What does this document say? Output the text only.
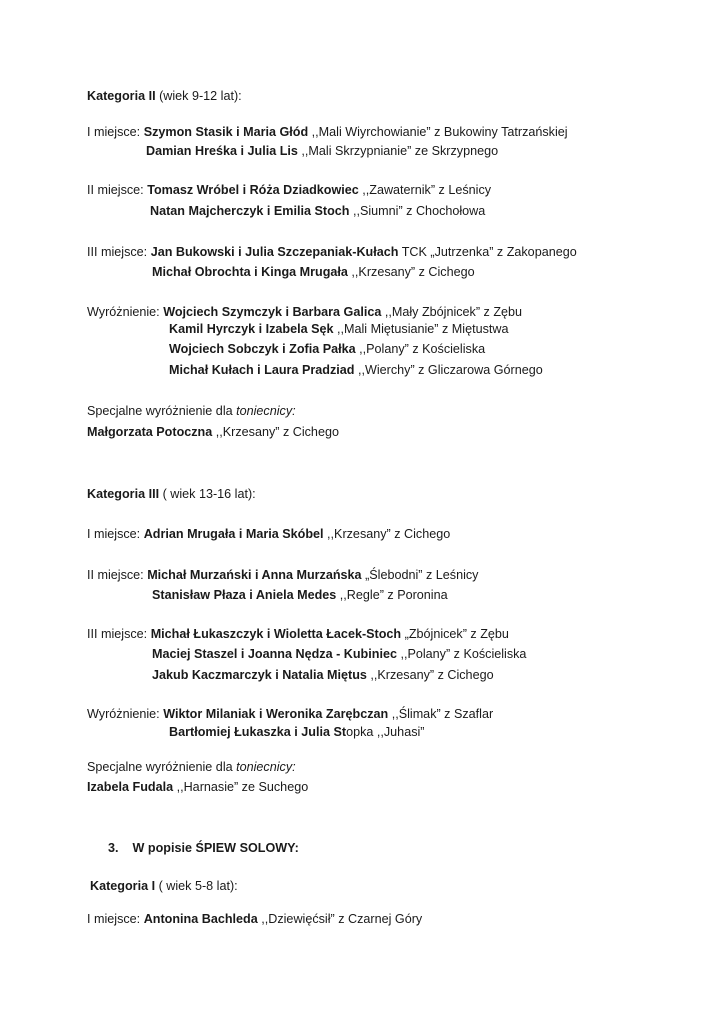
Kategoria II (wiek 9-12 lat):
I miejsce: Szymon Stasik i Maria Głód ,,Mali Wiyrchowianie” z Bukowiny Tatrzańskiej
Damian Hreśka i Julia Lis ,,Mali Skrzypnianie” ze Skrzypnego
II miejsce: Tomasz Wróbel i Róża Dziadkowiec ,,Zawaternik” z Leśnicy
Natan Majcherczyk i Emilia Stoch ,,Siumni” z Chochołowa
III miejsce: Jan Bukowski i Julia Szczepaniak-Kułach TCK „Jutrzenka” z Zakopanego
Michał Obrochta i Kinga Mrugała ,,Krzesany” z Cichego
Wyróżnienie: Wojciech Szymczyk i Barbara Galica ,,Mały Zbójnicek” z Zębu
Kamil Hyrczyk i Izabela Sęk ,,Mali Miętusianie” z Miętustwa
Wojciech Sobczyk i Zofia Pałka ,,Polany” z Kościeliska
Michał Kułach i Laura Pradziad ,,Wierchy” z Gliczarowa Górnego
Specjalne wyróżnienie dla toniecnicy:
Małgorzata Potoczna ,,Krzesany” z Cichego
Kategoria III ( wiek 13-16 lat):
I miejsce: Adrian Mrugała i Maria Skóbel ,,Krzesany” z Cichego
II miejsce: Michał Murzański i Anna Murzańska „Ślebodni” z Leśnicy
Stanisław Płaza i Aniela Medes ,,Regle” z Poronina
III miejsce: Michał Łukaszczyk i Wioletta Łacek-Stoch „Zbójnicek” z Zębu
Maciej Staszel i Joanna Nędza - Kubiniec ,,Polany” z Kościeliska
Jakub Kaczmarczyk i Natalia Miętus ,,Krzesany” z Cichego
Wyróżnienie: Wiktor Milaniak i Weronika Zarębczan ,,Ślimak” z Szaflar
Bartłomiej Łukaszka i Julia Stopka ,,Juhasi”
Specjalne wyróżnienie dla toniecnicy:
Izabela Fudala ,,Harnasie” ze Suchego
3. W popisie ŚPIEW SOLOWY:
Kategoria I ( wiek 5-8 lat):
I miejsce: Antonina Bachleda ,,Dziewięćsił” z Czarnej Góry
